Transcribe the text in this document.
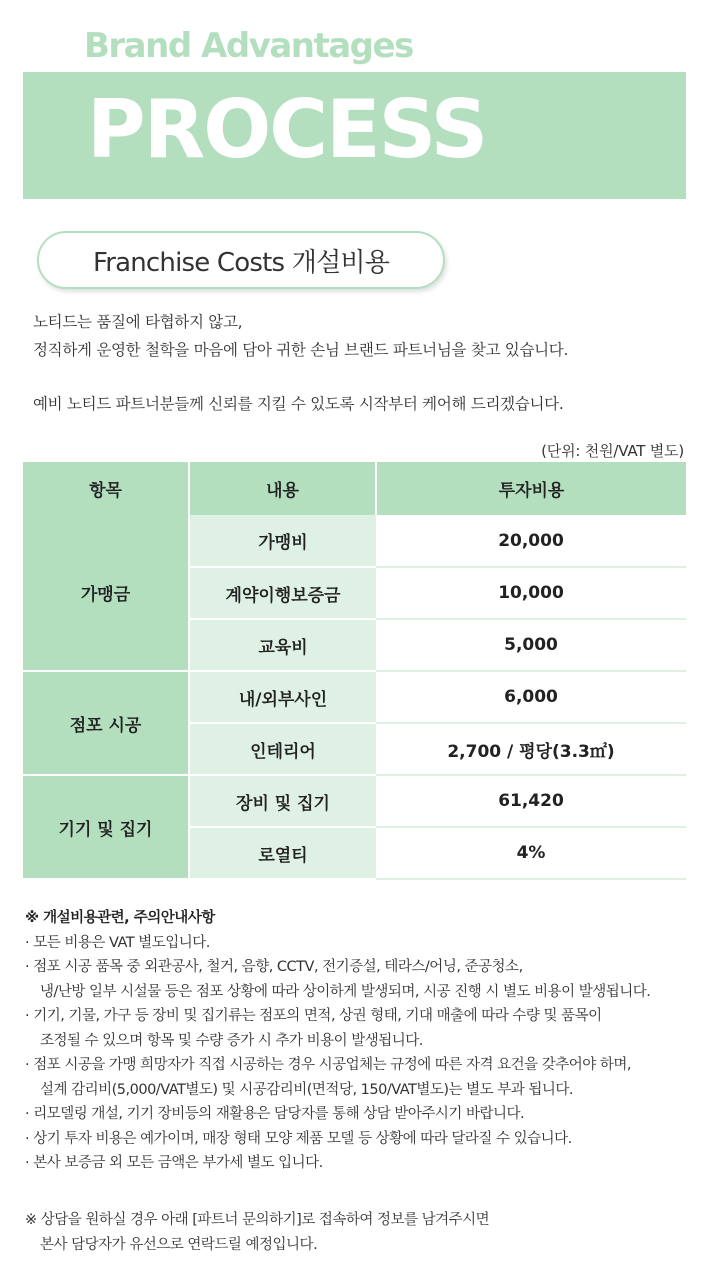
Brand Advantages
PROCESS
Franchise Costs 개설비용

노티드는 품질에 타협하지 않고,

정직하게 운영한 철학을 마음에 담아 귀한 손님 브랜드 파트너님을 찾고 있습니다.

예비 노티드 파트너분들께 신뢰를 지킬 수 있도록 시작부터 케어해 드리겠습니다.

(단위: 천원/VAT 별도)
항목	내용	투자비용
가맹금	가맹비	20,000
	계약이행보증금	10,000
	교육비	5,000
점포 시공	내/외부사인	6,000
	인테리어	2,700 / 평당(3.3㎡)
기기 및 집기	장비 및 집기	61,420
	로열티	4%
※ 개설비용관련, 주의안내사항
· 모든 비용은 VAT 별도입니다.
· 점포 시공 품목 중 외관공사, 철거, 음향, CCTV, 전기증설, 테라스/어닝, 준공청소,
냉/난방 일부 시설물 등은 점포 상황에 따라 상이하게 발생되며, 시공 진행 시 별도 비용이 발생됩니다.
· 기기, 기물, 가구 등 장비 및 집기류는 점포의 면적, 상권 형태, 기대 매출에 따라 수량 및 품목이
조정될 수 있으며 항목 및 수량 증가 시 추가 비용이 발생됩니다.
· 점포 시공을 가맹 희망자가 직접 시공하는 경우 시공업체는 규정에 따른 자격 요건을 갖추어야 하며,
설계 감리비(5,000/VAT별도) 및 시공감리비(면적당, 150/VAT별도)는 별도 부과 됩니다.
· 리모델링 개설, 기기 장비등의 재활용은 담당자를 통해 상담 받아주시기 바랍니다.
· 상기 투자 비용은 예가이며, 매장 형태 모양 제품 모델 등 상황에 따라 달라질 수 있습니다.
· 본사 보증금 외 모든 금액은 부가세 별도 입니다.
※ 상담을 원하실 경우 아래 [파트너 문의하기]로 접속하여 정보를 남겨주시면
본사 담당자가 유선으로 연락드릴 예정입니다.
